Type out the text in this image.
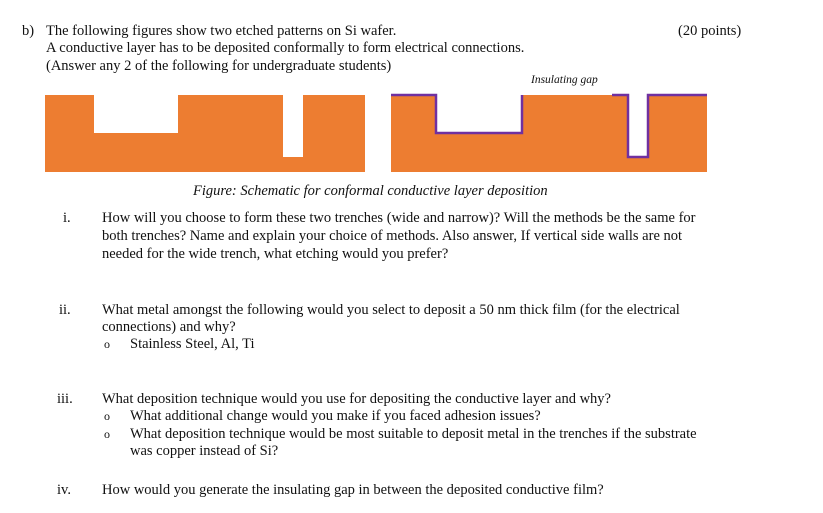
b) The following figures show two etched patterns on Si wafer.
A conductive layer has to be deposited conformally to form electrical connections.
(Answer any 2 of the following for undergraduate students)
(20 points)
Insulating gap
Figure: Schematic for conformal conductive layer deposition
i. How will you choose to form these two trenches (wide and narrow)? Will the methods be the same for
both trenches? Name and explain your choice of methods. Also answer, If vertical side walls are not
needed for the wide trench, what etching would you prefer?
ii. What metal amongst the following would you select to deposit a 50 nm thick film (for the electrical
connections) and why?
o Stainless Steel, Al, Ti
iii. What deposition technique would you use for depositing the conductive layer and why?
o What additional change would you make if you faced adhesion issues?
o What deposition technique would be most suitable to deposit metal in the trenches if the substrate
was copper instead of Si?
iv. How would you generate the insulating gap in between the deposited conductive film?
